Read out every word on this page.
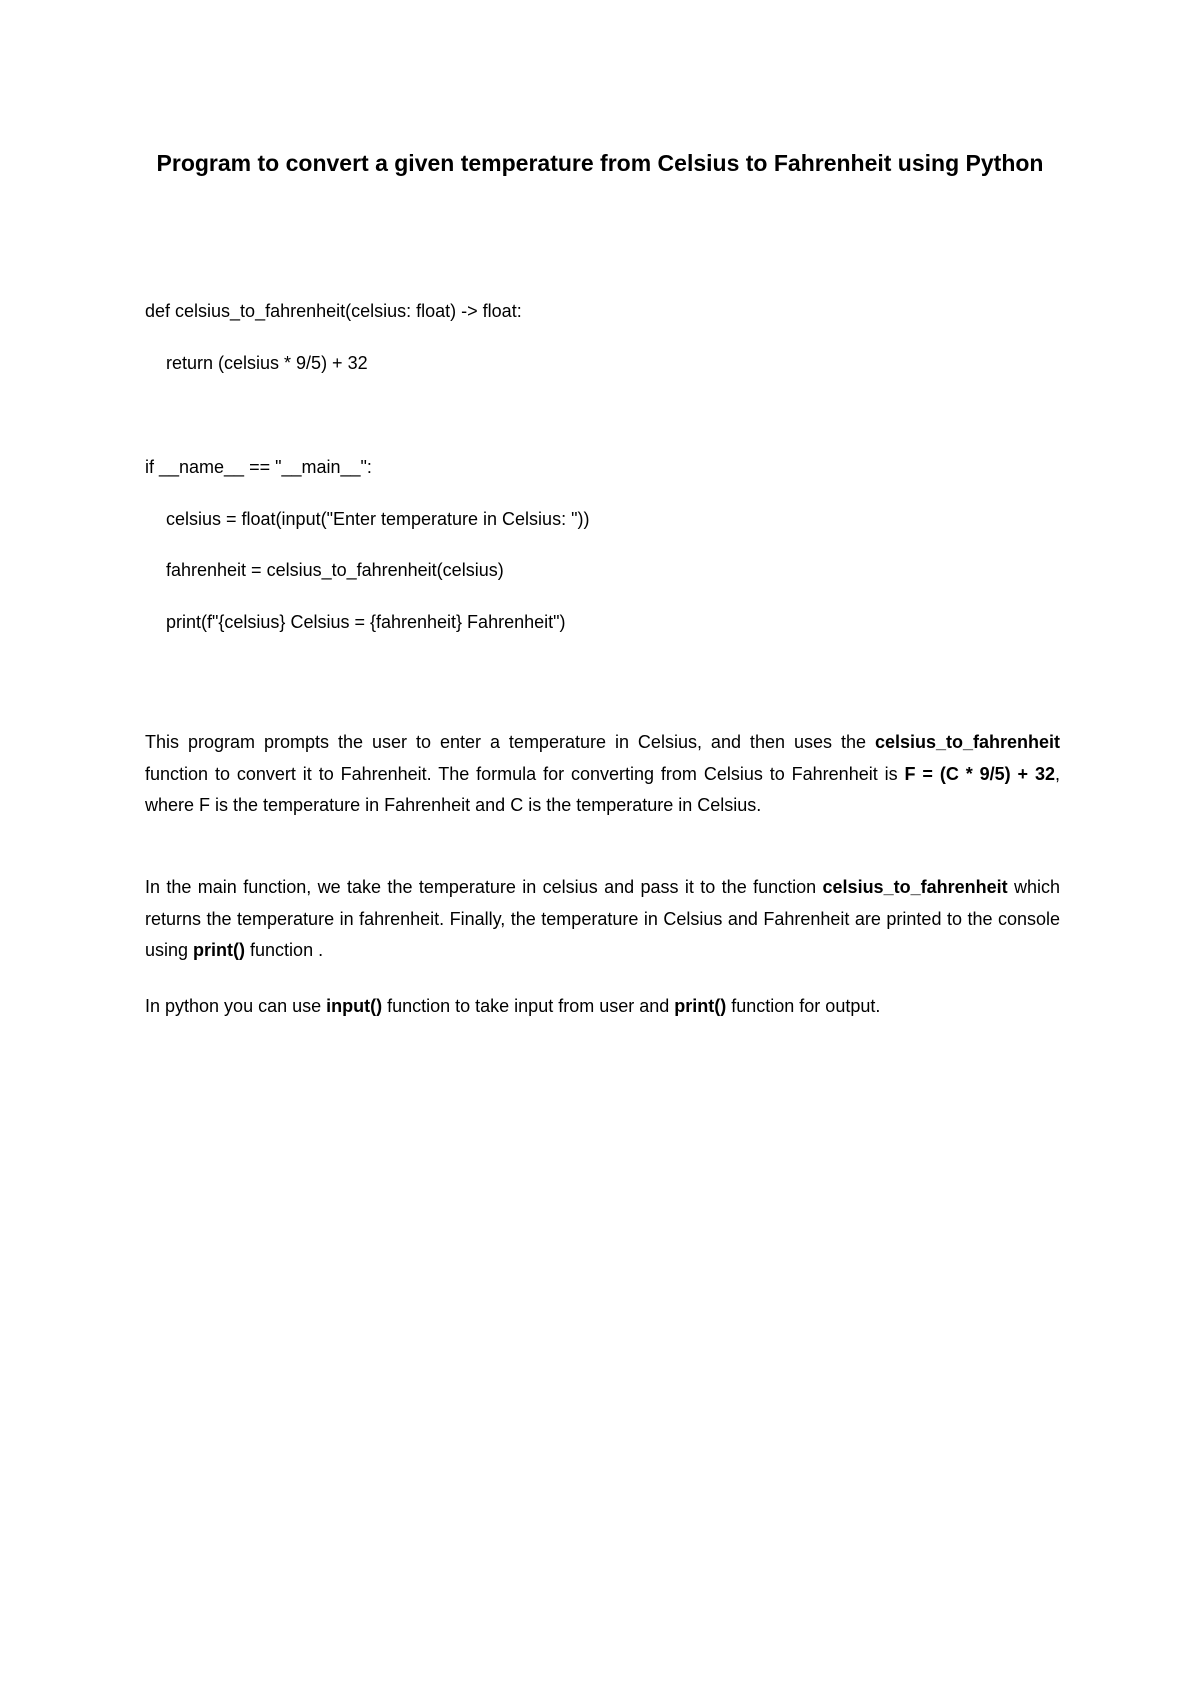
Program to convert a given temperature from Celsius to Fahrenheit using Python
def celsius_to_fahrenheit(celsius: float) -> float:
return (celsius * 9/5) + 32
if __name__ == "__main__":
celsius = float(input("Enter temperature in Celsius: "))
fahrenheit = celsius_to_fahrenheit(celsius)
print(f"{celsius} Celsius = {fahrenheit} Fahrenheit")

This program prompts the user to enter a temperature in Celsius, and then uses the celsius_to_fahrenheit function to convert it to Fahrenheit. The formula for converting from Celsius to Fahrenheit is F = (C * 9/5) + 32, where F is the temperature in Fahrenheit and C is the temperature in Celsius.

In the main function, we take the temperature in celsius and pass it to the function celsius_to_fahrenheit which returns the temperature in fahrenheit. Finally, the temperature in Celsius and Fahrenheit are printed to the console using print() function .

In python you can use input() function to take input from user and print() function for output.
